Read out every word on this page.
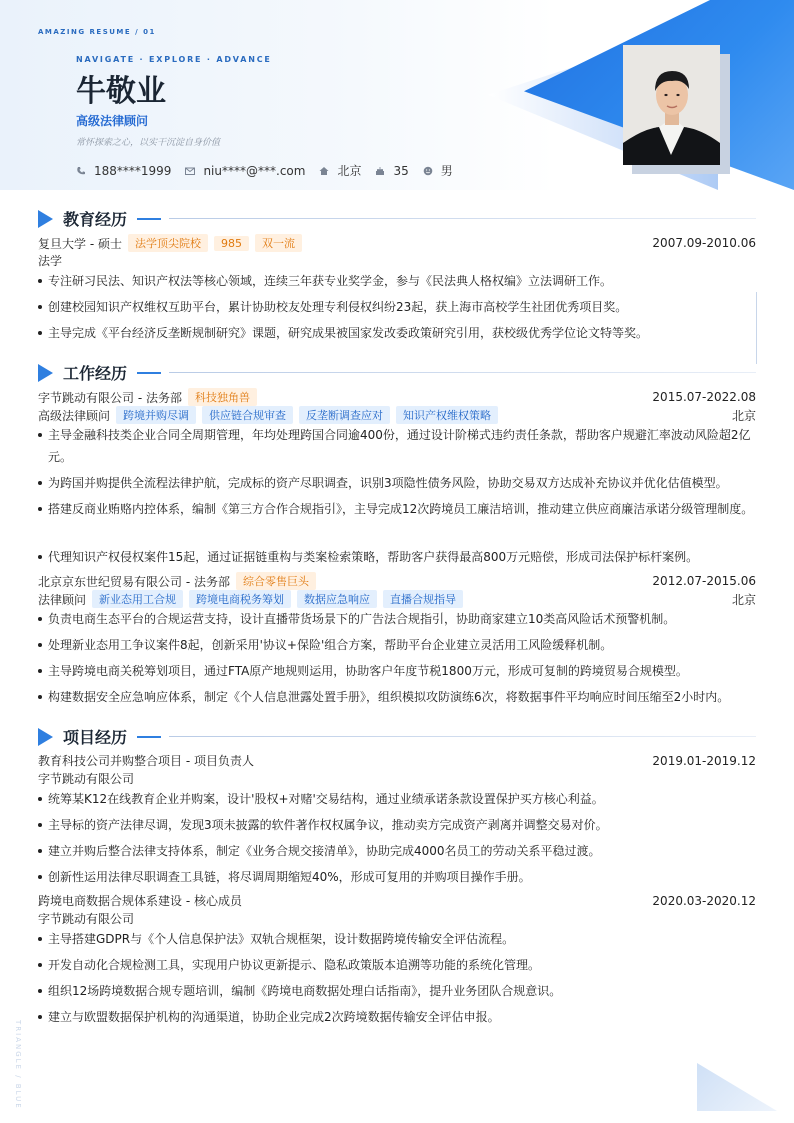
AMAZING RESUME / 01
NAVIGATE · EXPLORE · ADVANCE
牛敬业
高级法律顾问
常怀探索之心，以实干沉淀自身价值
188****1999	niu****@***.com	北京	35	男
教育经历
复旦大学 - 硕士	法学顶尖院校	985	双一流	2007.09-2010.06
法学
专注研习民法、知识产权法等核心领域，连续三年获专业奖学金，参与《民法典人格权编》立法调研工作。
创建校园知识产权维权互助平台，累计协助校友处理专利侵权纠纷23起，获上海市高校学生社团优秀项目奖。
主导完成《平台经济反垄断规制研究》课题，研究成果被国家发改委政策研究引用，获校级优秀学位论文特等奖。
工作经历
字节跳动有限公司 - 法务部	科技独角兽	2015.07-2022.08
高级法律顾问	跨境并购尽调	供应链合规审查	反垄断调查应对	知识产权维权策略	北京
主导金融科技类企业合同全周期管理，年均处理跨国合同逾400份，通过设计阶梯式违约责任条款，帮助客户规避汇率波动风险超2亿元。
为跨国并购提供全流程法律护航，完成标的资产尽职调查，识别3项隐性债务风险，协助交易双方达成补充协议并优化估值模型。
搭建反商业贿赂内控体系，编制《第三方合作合规指引》，主导完成12次跨境员工廉洁培训，推动建立供应商廉洁承诺分级管理制度。
代理知识产权侵权案件15起，通过证据链重构与类案检索策略，帮助客户获得最高800万元赔偿，形成司法保护标杆案例。
北京京东世纪贸易有限公司 - 法务部	综合零售巨头	2012.07-2015.06
法律顾问	新业态用工合规	跨境电商税务筹划	数据应急响应	直播合规指导	北京
负责电商生态平台的合规运营支持，设计直播带货场景下的广告法合规指引，协助商家建立10类高风险话术预警机制。
处理新业态用工争议案件8起，创新采用'协议+保险'组合方案，帮助平台企业建立灵活用工风险缓释机制。
主导跨境电商关税筹划项目，通过FTA原产地规则运用，协助客户年度节税1800万元，形成可复制的跨境贸易合规模型。
构建数据安全应急响应体系，制定《个人信息泄露处置手册》，组织模拟攻防演练6次，将数据事件平均响应时间压缩至2小时内。
项目经历
教育科技公司并购整合项目 - 项目负责人	2019.01-2019.12
字节跳动有限公司
统筹某K12在线教育企业并购案，设计'股权+对赌'交易结构，通过业绩承诺条款设置保护买方核心利益。
主导标的资产法律尽调，发现3项未披露的软件著作权权属争议，推动卖方完成资产剥离并调整交易对价。
建立并购后整合法律支持体系，制定《业务合规交接清单》，协助完成4000名员工的劳动关系平稳过渡。
创新性运用法律尽职调查工具链，将尽调周期缩短40%，形成可复用的并购项目操作手册。
跨境电商数据合规体系建设 - 核心成员	2020.03-2020.12
字节跳动有限公司
主导搭建GDPR与《个人信息保护法》双轨合规框架，设计数据跨境传输安全评估流程。
开发自动化合规检测工具，实现用户协议更新提示、隐私政策版本追溯等功能的系统化管理。
组织12场跨境数据合规专题培训，编制《跨境电商数据处理白话指南》，提升业务团队合规意识。
建立与欧盟数据保护机构的沟通渠道，协助企业完成2次跨境数据传输安全评估申报。
TRIANGLE / BLUE
